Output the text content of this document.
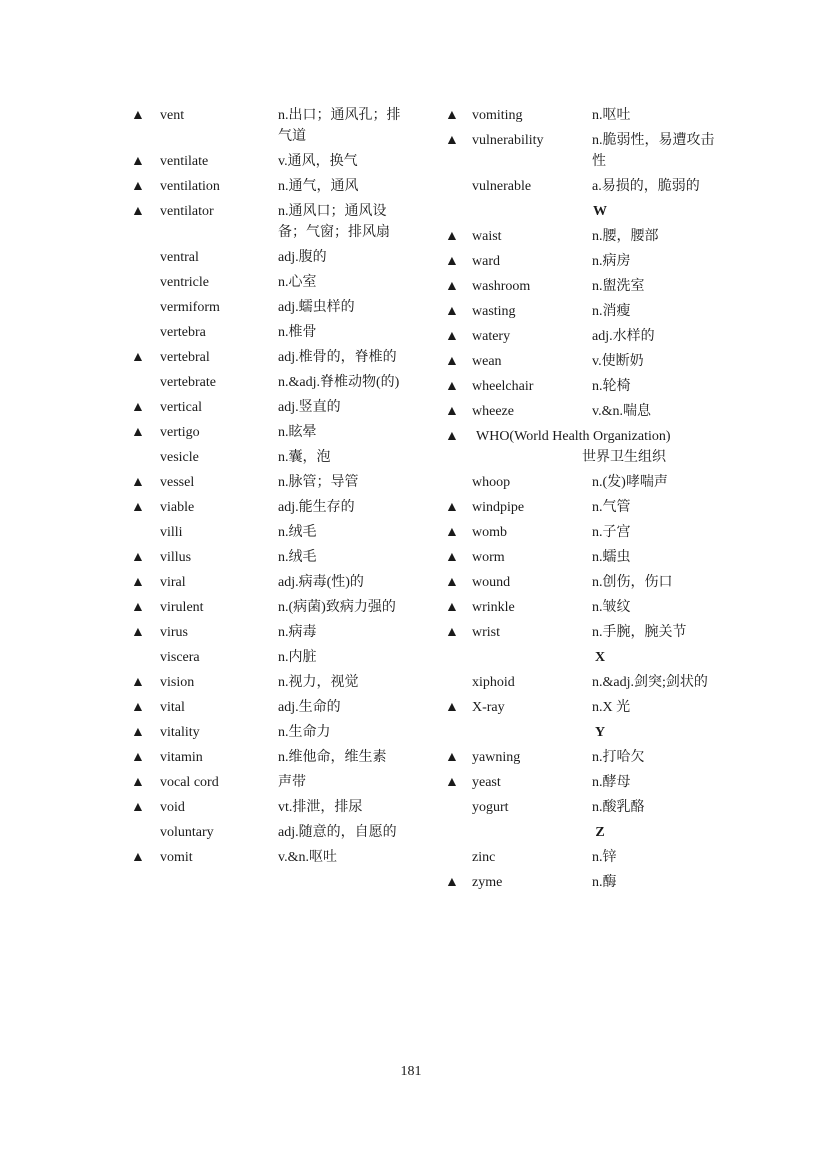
▲ vent	n.出口；通风孔；排气道
▲ ventilate	v.通风，换气
▲ ventilation	n.通气，通风
▲ ventilator	n.通风口；通风设备；气窗；排风扇
ventral	adj.腹的
ventricle	n.心室
vermiform	adj.蠕虫样的
vertebra	n.椎骨
▲ vertebral	adj.椎骨的，脊椎的
vertebrate	n.&adj.脊椎动物(的)
▲ vertical	adj.竖直的
▲ vertigo	n.眩晕
vesicle	n.囊，泡
▲ vessel	n.脉管；导管
▲ viable	adj.能生存的
villi	n.绒毛
▲ villus	n.绒毛
▲ viral	adj.病毒(性)的
▲ virulent	n.(病菌)致病力强的
▲ virus	n.病毒
viscera	n.内脏
▲ vision	n.视力，视觉
▲ vital	adj.生命的
▲ vitality	n.生命力
▲ vitamin	n.维他命，维生素
▲ vocal cord	声带
▲ void	vt.排泄，排尿
voluntary	adj.随意的，自愿的
▲ vomit	v.&n.呕吐
▲ vomiting	n.呕吐
▲ vulnerability	n.脆弱性，易遭攻击性
vulnerable	a.易损的，脆弱的
W
▲ waist	n.腰，腰部
▲ ward	n.病房
▲ washroom	n.盥洗室
▲ wasting	n.消瘦
▲ watery	adj.水样的
▲ wean	v.使断奶
▲ wheelchair	n.轮椅
▲ wheeze	v.&n.喘息
▲ WHO(World Health Organization)
世界卫生组织
whoop	n.(发)哮喘声
▲ windpipe	n.气管
▲ womb	n.子宫
▲ worm	n.蠕虫
▲ wound	n.创伤，伤口
▲ wrinkle	n.皱纹
▲ wrist	n.手腕，腕关节
X
xiphoid	n.&adj.剑突;剑状的
▲ X-ray	n.X 光
Y
▲ yawning	n.打哈欠
▲ yeast	n.酵母
yogurt	n.酸乳酪
Z
zinc	n.锌
▲ zyme	n.酶
181
